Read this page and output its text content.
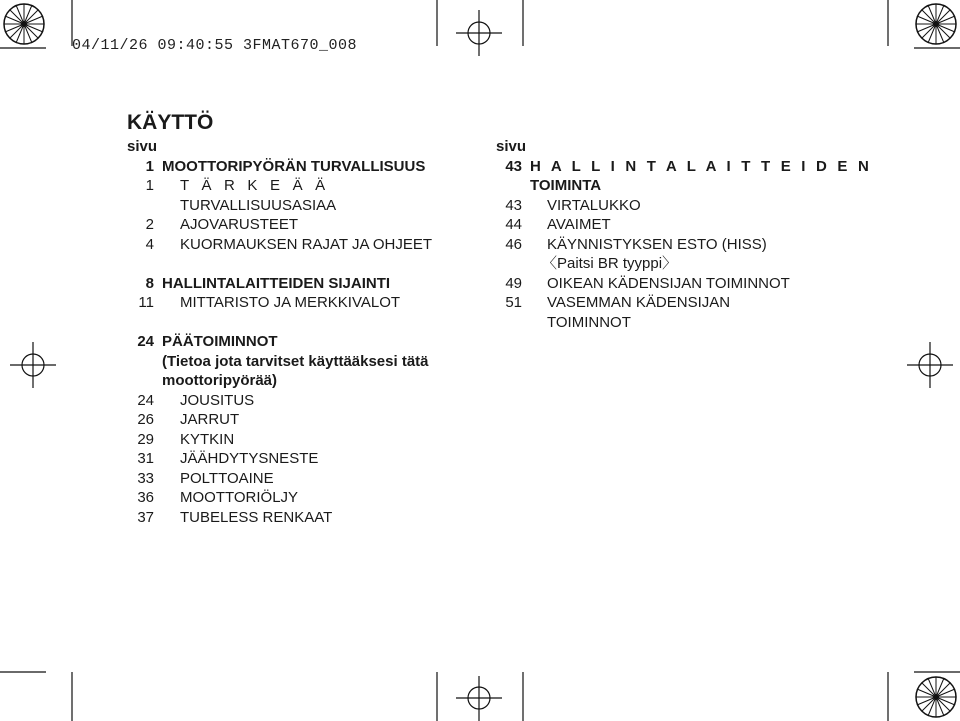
04/11/26 09:40:55 3FMAT670_008
KÄYTTÖ
sivu
1 MOOTTORIPYÖRÄN TURVALLISUUS
1 T Ä R K E Ä Ä
TURVALLISUUSASIAA
2 AJOVARUSTEET
4 KUORMAUKSEN RAJAT JA OHJEET
8 HALLINTALAITTEIDEN SIJAINTI
11 MITTARISTO JA MERKKIVALOT
24 PÄÄTOIMINNOT
(Tietoa jota tarvitset käyttääksesi tätä
moottoripyörää)
24 JOUSITUS
26 JARRUT
29 KYTKIN
31 JÄÄHDYTYSNESTE
33 POLTTOAINE
36 MOOTTORIÖLJY
37 TUBELESS RENKAAT
sivu
43 H A L L I N T A L A I T T E I D E N
TOIMINTA
43 VIRTALUKKO
44 AVAIMET
46 KÄYNNISTYKSEN ESTO (HISS)
〈Paitsi BR tyyppi〉
49 OIKEAN KÄDENSIJAN TOIMINNOT
51 VASEMMAN KÄDENSIJAN
TOIMINNOT
